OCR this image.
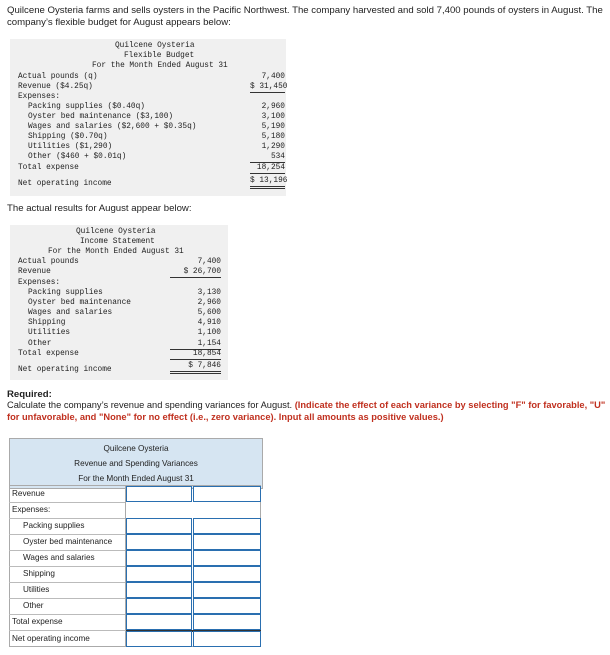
Quilcene Oysteria farms and sells oysters in the Pacific Northwest. The company harvested and sold 7,400 pounds of oysters in August. The company’s flexible budget for August appears below:
Quilcene Oysteria
Flexible Budget
For the Month Ended August 31
Actual pounds (q)	7,400
Revenue ($4.25q)	$ 31,450
Expenses:
Packing supplies ($0.40q)	2,960
Oyster bed maintenance ($3,100)	3,100
Wages and salaries ($2,600 + $0.35q)	5,190
Shipping ($0.70q)	5,180
Utilities ($1,290)	1,290
Other ($460 + $0.01q)	534
Total expense	18,254
Net operating income	$ 13,196
The actual results for August appear below:
Quilcene Oysteria
Income Statement
For the Month Ended August 31
Actual pounds	7,400
Revenue	$ 26,700
Expenses:
Packing supplies	3,130
Oyster bed maintenance	2,960
Wages and salaries	5,600
Shipping	4,910
Utilities	1,100
Other	1,154
Total expense	18,854
Net operating income	$ 7,846
Required:
Calculate the company’s revenue and spending variances for August. (Indicate the effect of each variance by selecting "F" for favorable, "U" for unfavorable, and "None" for no effect (i.e., zero variance). Input all amounts as positive values.)
Quilcene Oysteria
Revenue and Spending Variances
For the Month Ended August 31
Revenue
Expenses:
Packing supplies
Oyster bed maintenance
Wages and salaries
Shipping
Utilities
Other
Total expense
Net operating income
